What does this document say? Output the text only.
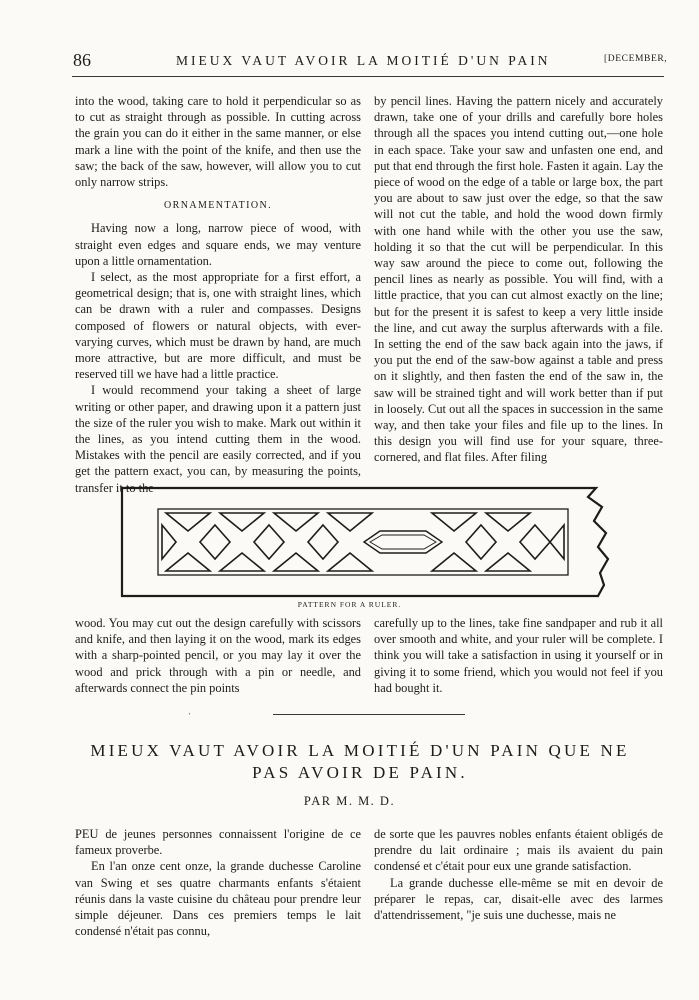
86	MIEUX VAUT AVOIR LA MOITIÉ D'UN PAIN	[DECEMBER,

into the wood, taking care to hold it perpendicular so as to cut as straight through as possible. In cutting across the grain you can do it either in the same manner, or else mark a line with the point of the knife, and then use the saw; the back of the saw, however, will allow you to cut only narrow strips.

ORNAMENTATION.

Having now a long, narrow piece of wood, with straight even edges and square ends, we may venture upon a little ornamentation.

I select, as the most appropriate for a first effort, a geometrical design; that is, one with straight lines, which can be drawn with a ruler and compasses. Designs composed of flowers or natural objects, with ever-varying curves, which must be drawn by hand, are much more attractive, but are more difficult, and must be reserved till we have had a little practice.

I would recommend your taking a sheet of large writing or other paper, and drawing upon it a pattern just the size of the ruler you wish to make. Mark out within it the lines, as you intend cutting them in the wood. Mistakes with the pencil are easily corrected, and if you get the pattern exact, you can, by measuring the points, transfer it to the

by pencil lines. Having the pattern nicely and accurately drawn, take one of your drills and carefully bore holes through all the spaces you intend cutting out,—one hole in each space. Take your saw and unfasten one end, and put that end through the first hole. Fasten it again. Lay the piece of wood on the edge of a table or large box, the part you are about to saw just over the edge, so that the saw will not cut the table, and hold the wood down firmly with one hand while with the other you use the saw, holding it so that the cut will be perpendicular. In this way saw around the piece to come out, following the pencil lines as nearly as possible. You will find, with a little practice, that you can cut almost exactly on the line; but for the present it is safest to keep a very little inside the line, and cut away the surplus afterwards with a file. In setting the end of the saw back again into the jaws, if you put the end of the saw-bow against a table and press on it slightly, and then fasten the end of the saw in, the saw will be strained tight and will work better than if put in loosely. Cut out all the spaces in succession in the same way, and then take your files and file up to the lines. In this design you will find use for your square, three-cornered, and flat files. After filing

PATTERN FOR A RULER.

wood. You may cut out the design carefully with scissors and knife, and then laying it on the wood, mark its edges with a sharp-pointed pencil, or you may lay it over the wood and prick through with a pin or needle, and afterwards connect the pin points

carefully up to the lines, take fine sandpaper and rub it all over smooth and white, and your ruler will be complete. I think you will take a satisfaction in using it yourself or in giving it to some friend, which you would not feel if you had bought it.

ˈ
MIEUX VAUT AVOIR LA MOITIÉ D'UN PAIN QUE NE
PAS AVOIR DE PAIN.
PAR M. M. D.

PEU de jeunes personnes connaissent l'origine de ce fameux proverbe.

En l'an onze cent onze, la grande duchesse Caroline van Swing et ses quatre charmants enfants s'étaient réunis dans la vaste cuisine du château pour prendre leur simple déjeuner. Dans ces premiers temps le lait condensé n'était pas connu,

de sorte que les pauvres nobles enfants étaient obligés de prendre du lait ordinaire ; mais ils avaient du pain condensé et c'était pour eux une grande satisfaction.

La grande duchesse elle-même se mit en devoir de préparer le repas, car, disait-elle avec des larmes d'attendrissement, "je suis une duchesse, mais ne
